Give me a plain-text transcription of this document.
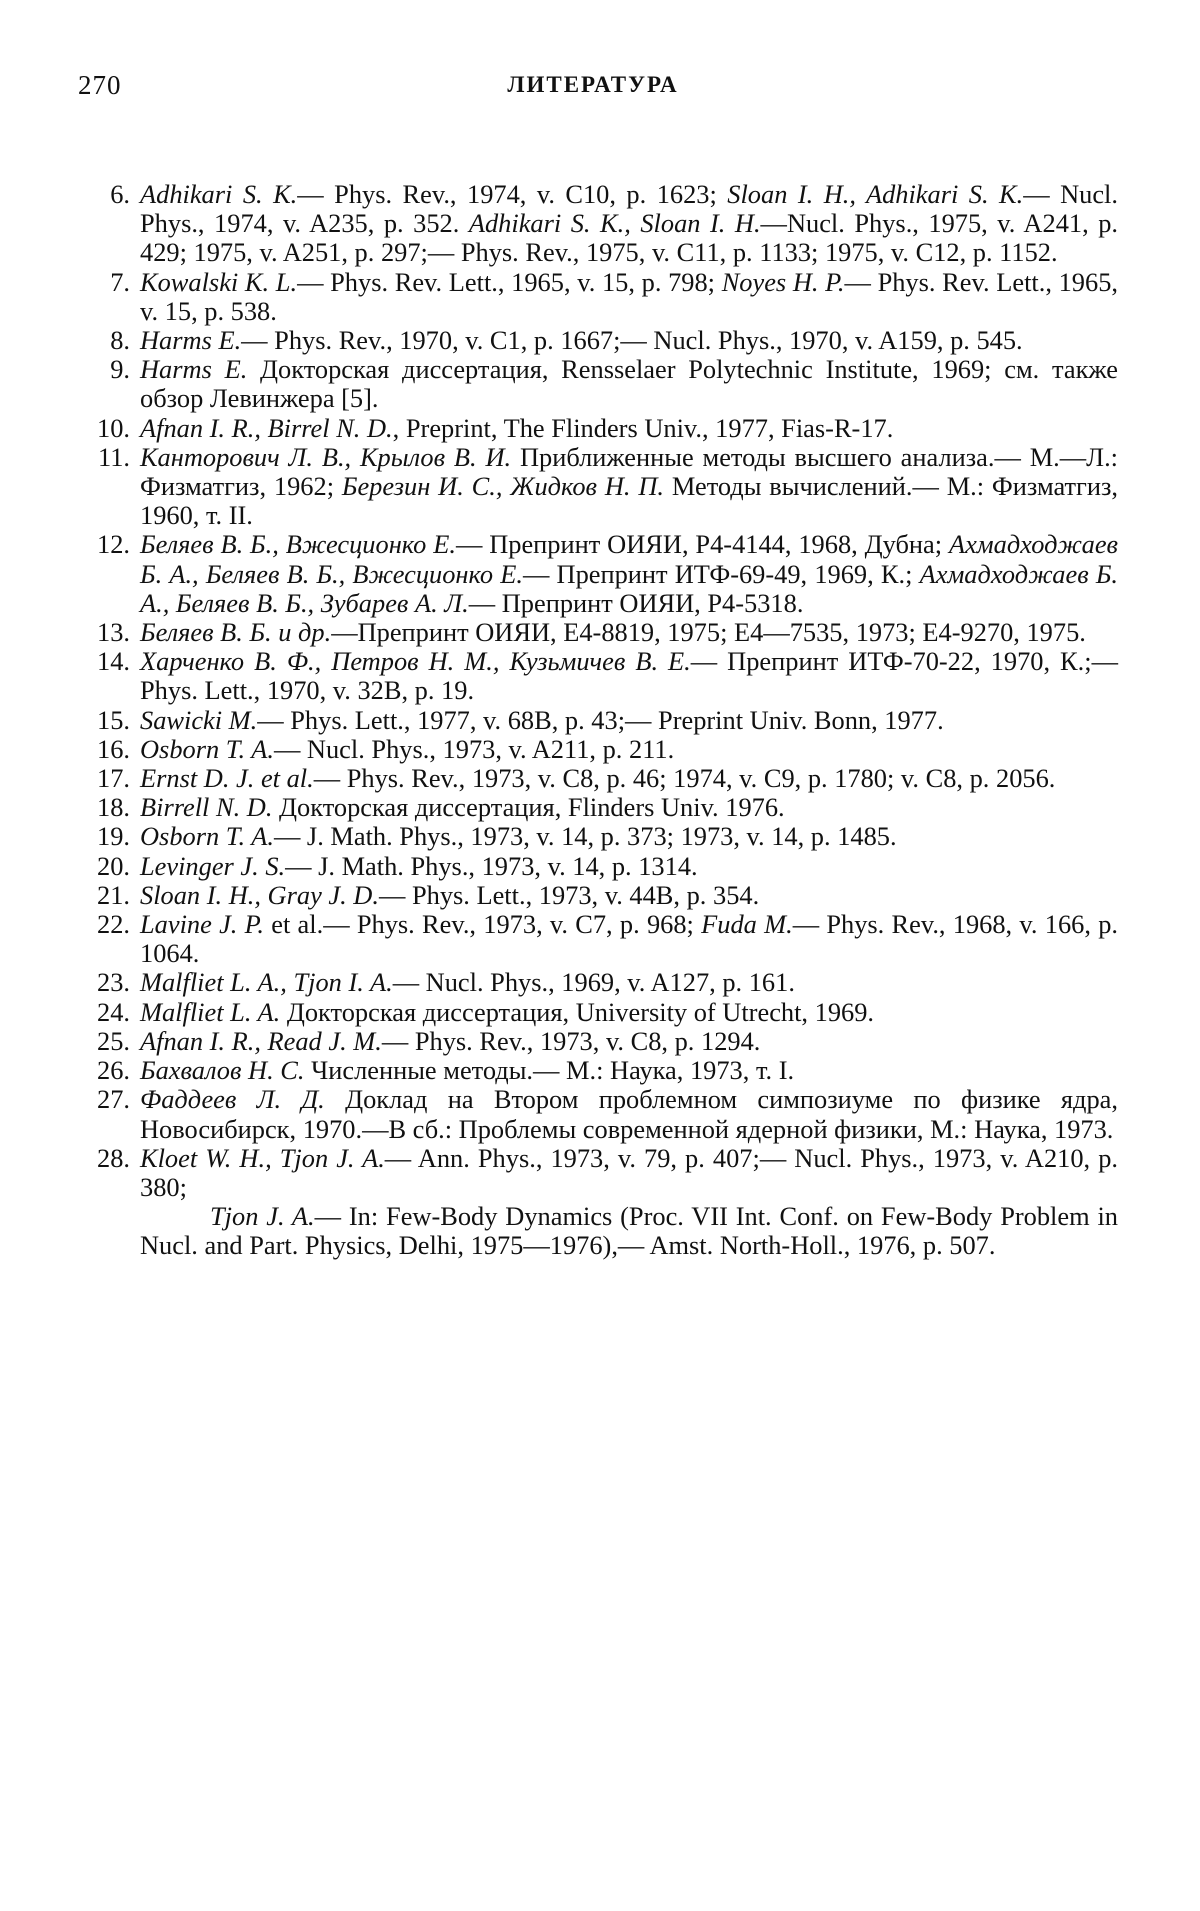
270	ЛИТЕРАТУРА
6. Adhikari S. K.— Phys. Rev., 1974, v. C10, p. 1623; Sloan I. H., Adhikari S. K.— Nucl. Phys., 1974, v. A235, p. 352. Adhikari S. K., Sloan I. H.—Nucl. Phys., 1975, v. A241, p. 429; 1975, v. A251, p. 297;— Phys. Rev., 1975, v. C11, p. 1133; 1975, v. C12, p. 1152.

7. Kowalski K. L.— Phys. Rev. Lett., 1965, v. 15, p. 798; Noyes H. P.— Phys. Rev. Lett., 1965, v. 15, p. 538.

8. Harms E.— Phys. Rev., 1970, v. C1, p. 1667;— Nucl. Phys., 1970, v. A159, p. 545.

9. Harms E. Докторская диссертация, Rensselaer Polytechnic Institute, 1969; см. также обзор Левинжера [5].

10. Afnan I. R., Birrel N. D., Preprint, The Flinders Univ., 1977, Fias-R-17.

11. Канторович Л. В., Крылов В. И. Приближенные методы высшего анализа.— М.—Л.: Физматгиз, 1962; Березин И. С., Жидков Н. П. Методы вычислений.— М.: Физматгиз, 1960, т. II.

12. Беляев В. Б., Вжесционко Е.— Препринт ОИЯИ, Р4-4144, 1968, Дубна; Ахмадходжаев Б. А., Беляев В. Б., Вжесционко Е.— Препринт ИТФ-69-49, 1969, К.; Ахмадходжаев Б. А., Беляев В. Б., Зубарев А. Л.— Препринт ОИЯИ, Р4-5318.

13. Беляев В. Б. и др.—Препринт ОИЯИ, Е4-8819, 1975; Е4—7535, 1973; Е4-9270, 1975.

14. Харченко В. Ф., Петров Н. М., Кузьмичев В. Е.— Препринт ИТФ-70-22, 1970, К.;— Phys. Lett., 1970, v. 32B, p. 19.

15. Sawicki M.— Phys. Lett., 1977, v. 68B, p. 43;— Preprint Univ. Bonn, 1977.

16. Osborn T. A.— Nucl. Phys., 1973, v. A211, p. 211.

17. Ernst D. J. et al.— Phys. Rev., 1973, v. C8, p. 46; 1974, v. C9, p. 1780; v. C8, p. 2056.

18. Birrell N. D. Докторская диссертация, Flinders Univ. 1976.

19. Osborn T. A.— J. Math. Phys., 1973, v. 14, p. 373; 1973, v. 14, p. 1485.

20. Levinger J. S.— J. Math. Phys., 1973, v. 14, p. 1314.

21. Sloan I. H., Gray J. D.— Phys. Lett., 1973, v. 44B, p. 354.

22. Lavine J. P. et al.— Phys. Rev., 1973, v. C7, p. 968; Fuda M.— Phys. Rev., 1968, v. 166, p. 1064.

23. Malfliet L. A., Tjon I. A.— Nucl. Phys., 1969, v. A127, p. 161.

24. Malfliet L. A. Докторская диссертация, University of Utrecht, 1969.

25. Afnan I. R., Read J. M.— Phys. Rev., 1973, v. C8, p. 1294.

26. Бахвалов Н. С. Численные методы.— М.: Наука, 1973, т. I.

27. Фаддеев Л. Д. Доклад на Втором проблемном симпозиуме по физике ядра, Новосибирск, 1970.—В сб.: Проблемы современной ядерной физики, М.: Наука, 1973.

28. Kloet W. H., Tjon J. A.— Ann. Phys., 1973, v. 79, p. 407;— Nucl. Phys., 1973, v. A210, p. 380;

Tjon J. A.— In: Few-Body Dynamics (Proc. VII Int. Conf. on Few-Body Problem in Nucl. and Part. Physics, Delhi, 1975—1976),— Amst. North-Holl., 1976, p. 507.
